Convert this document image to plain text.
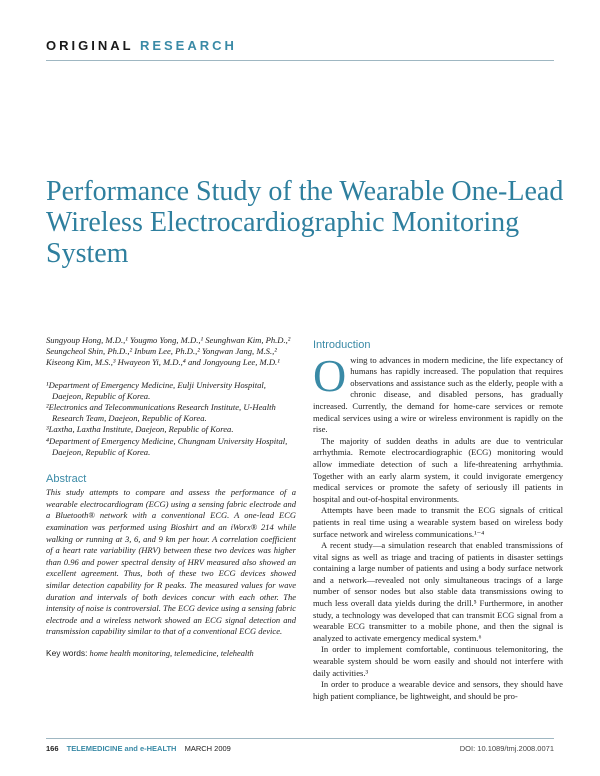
ORIGINAL RESEARCH
Performance Study of the Wearable One-Lead Wireless Electrocardiographic Monitoring System

Sungyoup Hong, M.D.,¹ Yougmo Yong, M.D.,¹ Seunghwan Kim, Ph.D.,²

Seungcheol Shin, Ph.D.,² Inbum Lee, Ph.D.,² Yongwan Jang, M.S.,²

Kiseong Kim, M.S.,³ Hwayeon Yi, M.D.,⁴ and Jongyoung Lee, M.D.¹

¹Department of Emergency Medicine, Eulji University Hospital,

Daejeon, Republic of Korea.

²Electronics and Telecommunications Research Institute, U-Health

Research Team, Daejeon, Republic of Korea.

³Laxtha, Laxtha Institute, Daejeon, Republic of Korea.

⁴Department of Emergency Medicine, Chungnam University Hospital,

Daejeon, Republic of Korea.

Abstract

This study attempts to compare and assess the performance of a wearable electrocardiogram (ECG) using a sensing fabric electrode and a Bluetooth® network with a conventional ECG. A one-lead ECG examination was performed using Bioshirt and an iWorx® 214 while walking or running at 3, 6, and 9 km per hour. A correlation coefficient of a heart rate variability (HRV) between these two devices was higher than 0.96 and power spectral density of HRV measured also showed an excellent agreement. Thus, both of these two ECG devices showed similar detection capability for R peaks. The measured values for wave duration and intervals of both devices concur with each other. The intensity of noise is controversial. The ECG device using a sensing fabric electrode and a wireless network showed an ECG signal detection and transmission capability similar to that of a conventional ECG device.

Key words: home health monitoring, telemedicine, telehealth

Introduction

Owing to advances in modern medicine, the life expectancy of humans has rapidly increased. The population that requires observations and assistance such as the elderly, people with a chronic disease, and disabled persons, has gradually increased. Currently, the demand for home-care services or remote medical services using a wire or wireless environment is rapidly on the rise.

The majority of sudden deaths in adults are due to ventricular arrhythmia. Remote electrocardiographic (ECG) monitoring would allow immediate detection of such a life-threatening arrhythmia. Together with an early alarm system, it could invigorate emergency medical services or promote the safety of seriously ill patients in hospital and out-of-hospital environments.

Attempts have been made to transmit the ECG signals of critical patients in real time using a wearable system based on wireless body surface network and wireless communications.¹⁻⁴

A recent study—a simulation research that enabled transmissions of vital signs as well as triage and tracing of patients in disaster settings containing a large number of patients and using a body surface network and a network—revealed not only simultaneous tracings of a large number of sensor nodes but also stable data transmissions owing to much less overall data yields during the drill.⁵ Furthermore, in another study, a technology was developed that can transmit ECG signal from a wearable ECG transmitter to a mobile phone, and then the signal is analyzed to activate emergency medical system.⁶

In order to implement comfortable, continuous telemonitoring, the wearable system should be worn easily and should not interfere with daily activities.³

In order to produce a wearable device and sensors, they should have high patient compliance, be lightweight, and should be pro-

166 TELEMEDICINE and e-HEALTH MARCH 2009	DOI: 10.1089/tmj.2008.0071
